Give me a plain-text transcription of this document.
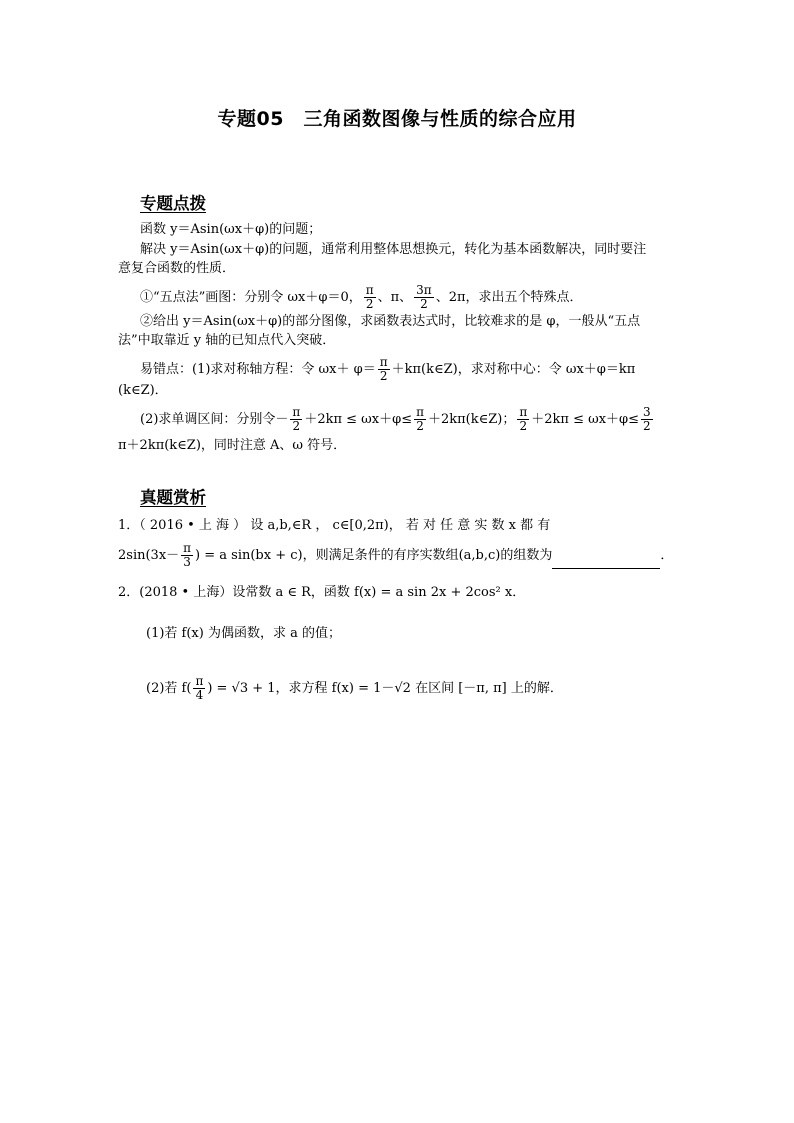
专题05　三角函数图像与性质的综合应用
专题点拨
函数 y＝Asin(ωx＋φ)的问题；
解决 y＝Asin(ωx＋φ)的问题，通常利用整体思想换元，转化为基本函数解决，同时要注
意复合函数的性质．
①“五点法”画图：分别令 ωx＋φ＝0， $\frac{\pi}{2}$ 、π、 $\frac{3\pi}{2}$ 、2π，求出五个特殊点．
②给出 y＝Asin(ωx＋φ)的部分图像，求函数表达式时，比较难求的是 φ，一般从“五点
法”中取靠近 y 轴的已知点代入突破．
易错点：(1)求对称轴方程：令 $\omega x+ \varphi= \frac{\pi}{2}$ ＋kπ(k∈Z)，求对称中心：令 ωx＋φ＝kπ
(k∈Z)．
(2)求单调区间：分别令－ $\frac{\pi}{2} +2k\pi \le \omega x+\varphi\le \frac{\pi}{2}$ ＋2kπ(k∈Z)； $\frac{\pi}{2} +2k\pi \le \omega x+\varphi\le \frac{3}{2}$
π＋2kπ(k∈Z)，同时注意 A、ω 符号．
真题赏析
1．（ 2016 • 上 海 ） 设 a,b,∈R ， c∈[0,2π)， 若 对 任 意 实 数 x 都 有
$2\sin(3x- \frac{\pi}{3}$ ) = a sin(bx + c)，则满足条件的有序实数组(a,b,c)的组数为	．
2．(2018 • 上海）设常数 a ∈ R，函数 f(x) = a sin 2x + 2cos² x．
(1)若 f(x) 为偶函数，求 a 的值；
(2)若 $f( \frac{\pi}{4}$ ) = √3 + 1，求方程 f(x) = 1－√2 在区间 [－π, π] 上的解．
